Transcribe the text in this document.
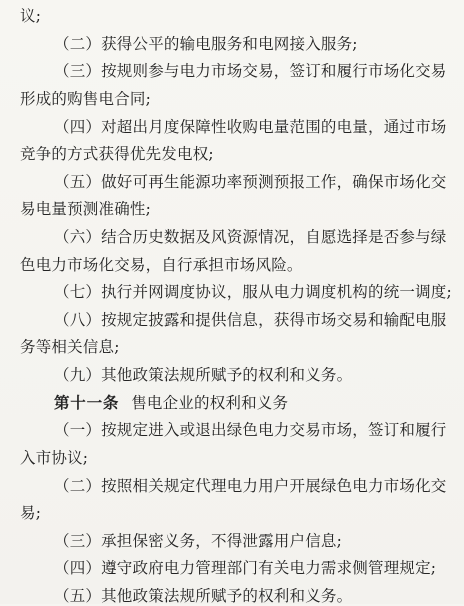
议;
（二）获得公平的输电服务和电网接入服务;
（三）按规则参与电力市场交易，签订和履行市场化交易
形成的购售电合同;
（四）对超出月度保障性收购电量范围的电量，通过市场
竞争的方式获得优先发电权;
（五）做好可再生能源功率预测预报工作，确保市场化交
易电量预测准确性;
（六）结合历史数据及风资源情况，自愿选择是否参与绿
色电力市场化交易，自行承担市场风险。
（七）执行并网调度协议，服从电力调度机构的统一调度;
（八）按规定披露和提供信息，获得市场交易和输配电服
务等相关信息;
（九）其他政策法规所赋予的权利和义务。
第十一条 售电企业的权利和义务
（一）按规定进入或退出绿色电力交易市场，签订和履行
入市协议;
（二）按照相关规定代理电力用户开展绿色电力市场化交
易;
（三）承担保密义务，不得泄露用户信息;
（四）遵守政府电力管理部门有关电力需求侧管理规定;
（五）其他政策法规所赋予的权利和义务。
